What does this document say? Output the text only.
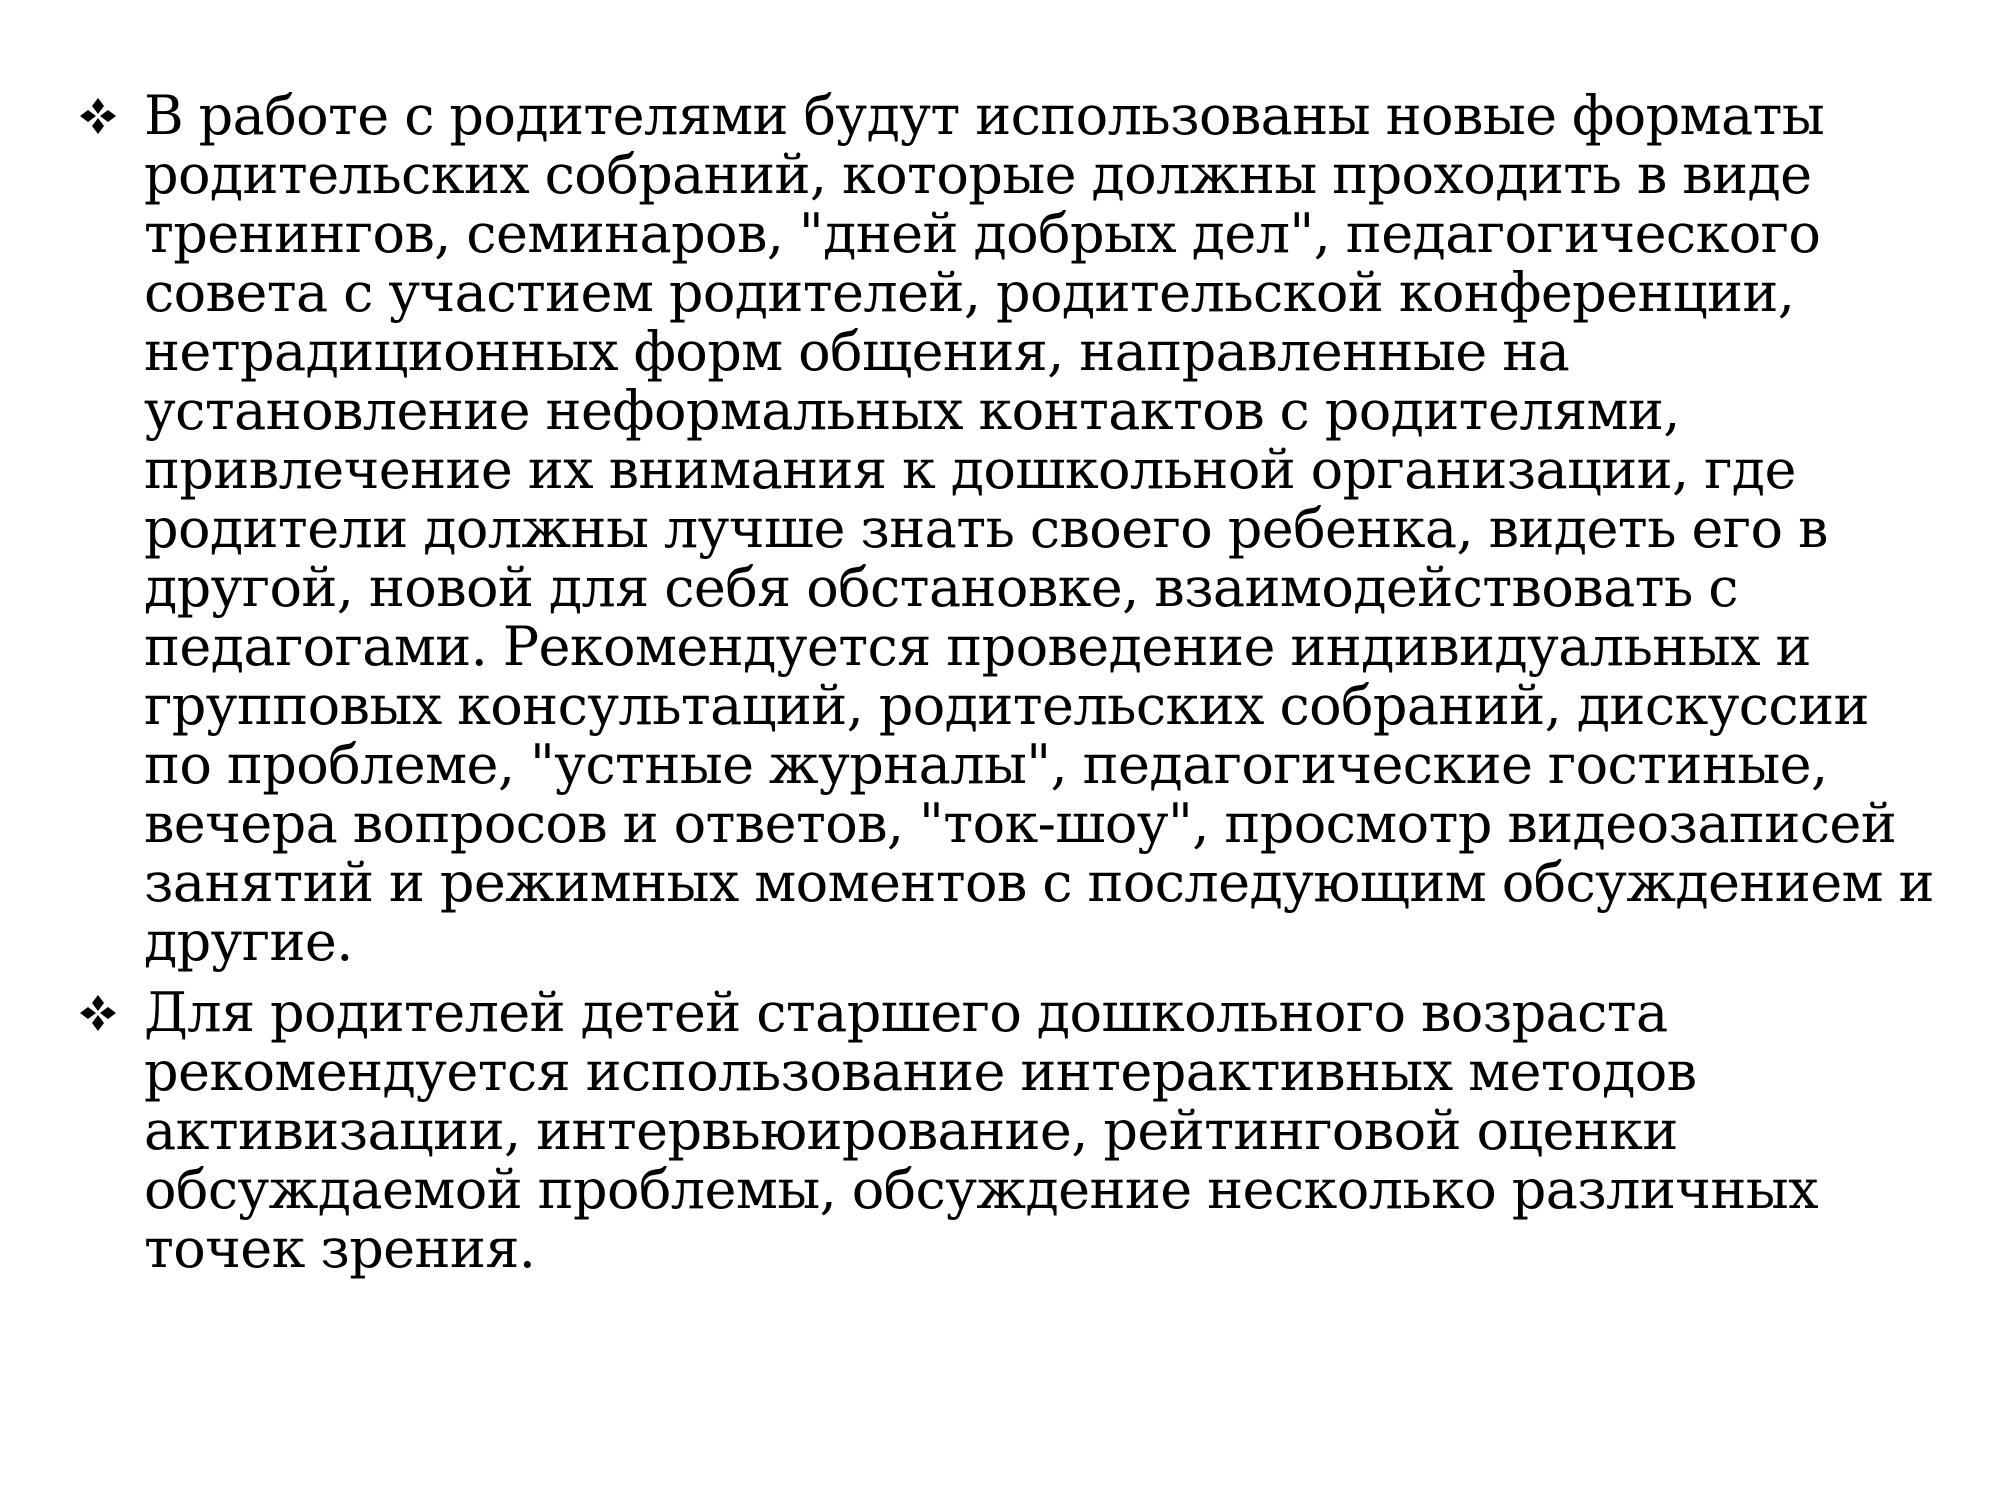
В работе с родителями будут использованы новые форматы родительских собраний, которые должны проходить в виде тренингов, семинаров, "дней добрых дел", педагогического совета с участием родителей, родительской конференции, нетрадиционных форм общения, направленные на установление неформальных контактов с родителями, привлечение их внимания к дошкольной организации, где родители должны лучше знать своего ребенка, видеть его в другой, новой для себя обстановке, взаимодействовать с педагогами. Рекомендуется проведение индивидуальных и групповых консультаций, родительских собраний, дискуссии по проблеме, "устные журналы", педагогические гостиные, вечера вопросов и ответов, "ток-шоу", просмотр видеозаписей занятий и режимных моментов с последующим обсуждением и другие.
Для родителей детей старшего дошкольного возраста рекомендуется использование интерактивных методов активизации, интервьюирование, рейтинговой оценки обсуждаемой проблемы, обсуждение несколько различных точек зрения.
